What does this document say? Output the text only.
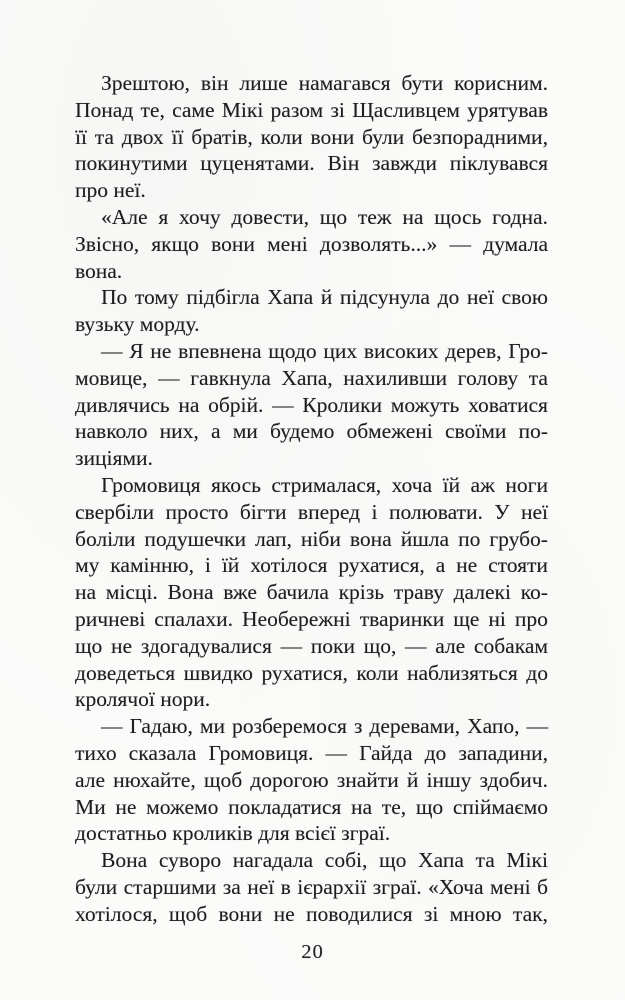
Зрештою, він лише намагався бути корисним.
Понад те, саме Мікі разом зі Щасливцем урятував
її та двох її братів, коли вони були безпорадними,
покинутими цуценятами. Він завжди піклувався
про неї.
«Але я хочу довести, що теж на щось годна.
Звісно, якщо вони мені дозволять...» — думала
вона.
По тому підбігла Хапа й підсунула до неї свою
вузьку морду.
— Я не впевнена щодо цих високих дерев, Гро-
мовице, — гавкнула Хапа, нахиливши голову та
дивлячись на обрій. — Кролики можуть ховатися
навколо них, а ми будемо обмежені своїми по-
зиціями.
Громовиця якось стрималася, хоча їй аж ноги
свербіли просто бігти вперед і полювати. У неї
боліли подушечки лап, ніби вона йшла по грубо-
му камінню, і їй хотілося рухатися, а не стояти
на місці. Вона вже бачила крізь траву далекі ко-
ричневі спалахи. Необережні тваринки ще ні про
що не здогадувалися — поки що, — але собакам
доведеться швидко рухатися, коли наблизяться до
кролячої нори.
— Гадаю, ми розберемося з деревами, Хапо, —
тихо сказала Громовиця. — Гайда до западини,
але нюхайте, щоб дорогою знайти й іншу здобич.
Ми не можемо покладатися на те, що спіймаємо
достатньо кроликів для всієї зграї.
Вона суворо нагадала собі, що Хапа та Мікі
були старшими за неї в ієрархії зграї. «Хоча мені б
хотілося, щоб вони не поводилися зі мною так,
20
